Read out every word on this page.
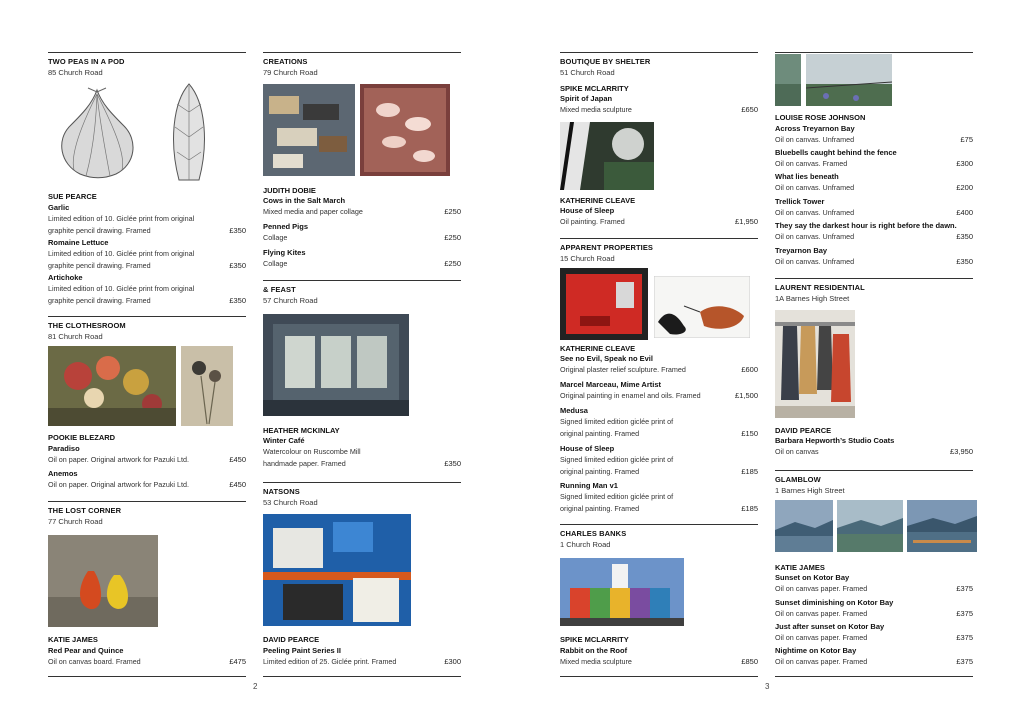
TWO PEAS IN A POD
85 Church Road
SUE PEARCE
Garlic
Limited edition of 10. Giclée print from original graphite pencil drawing. Framed	£350
Romaine Lettuce
Limited edition of 10. Giclée print from original graphite pencil drawing. Framed	£350
Artichoke
Limited edition of 10. Giclée print from original graphite pencil drawing. Framed	£350
THE CLOTHESROOM
81 Church Road
POOKIE BLEZARD
Paradiso
Oil on paper. Original artwork for Pazuki Ltd.	£450
Anemos
Oil on paper. Original artwork for Pazuki Ltd.	£450
THE LOST CORNER
77 Church Road
KATIE JAMES
Red Pear and Quince
Oil on canvas board. Framed	£475
CREATIONS
79 Church Road
JUDITH DOBIE
Cows in the Salt March
Mixed media and paper collage	£250
Penned Pigs
Collage	£250
Flying Kites
Collage	£250
& FEAST
57 Church Road
HEATHER MCKINLAY
Winter Café
Watercolour on Ruscombe Mill handmade paper. Framed	£350
NATSONS
53 Church Road
DAVID PEARCE
Peeling Paint Series II
Limited edition of 25. Giclée print. Framed	£300
2
BOUTIQUE BY SHELTER
51 Church Road
SPIKE MCLARRITY
Spirit of Japan
Mixed media sculpture	£650
KATHERINE CLEAVE
House of Sleep
Oil painting. Framed	£1,950
APPARENT PROPERTIES
15 Church Road
KATHERINE CLEAVE
See no Evil, Speak no Evil
Original plaster relief sculpture. Framed	£600
Marcel Marceau, Mime Artist
Original painting in enamel and oils. Framed	£1,500
Medusa
Signed limited edition giclée print of original painting. Framed	£150
House of Sleep
Signed limited edition giclée print of original painting. Framed	£185
Running Man v1
Signed limited edition giclée print of original painting. Framed	£185
CHARLES BANKS
1 Church Road
SPIKE MCLARRITY
Rabbit on the Roof
Mixed media sculpture	£850
LOUISE ROSE JOHNSON
Across Treyarnon Bay
Oil on canvas. Unframed	£75
Bluebells caught behind the fence
Oil on canvas. Framed	£300
What lies beneath
Oil on canvas. Unframed	£200
Trellick Tower
Oil on canvas. Unframed	£400
They say the darkest hour is right before the dawn.
Oil on canvas. Unframed	£350
Treyarnon Bay
Oil on canvas. Unframed	£350
LAURENT RESIDENTIAL
1A Barnes High Street
DAVID PEARCE
Barbara Hepworth’s Studio Coats
Oil on canvas	£3,950
GLAMBLOW
1 Barnes High Street
KATIE JAMES
Sunset on Kotor Bay
Oil on canvas paper. Framed	£375
Sunset diminishing on Kotor Bay
Oil on canvas paper. Framed	£375
Just after sunset on Kotor Bay
Oil on canvas paper. Framed	£375
Nightime on Kotor Bay
Oil on canvas paper. Framed	£375
3
